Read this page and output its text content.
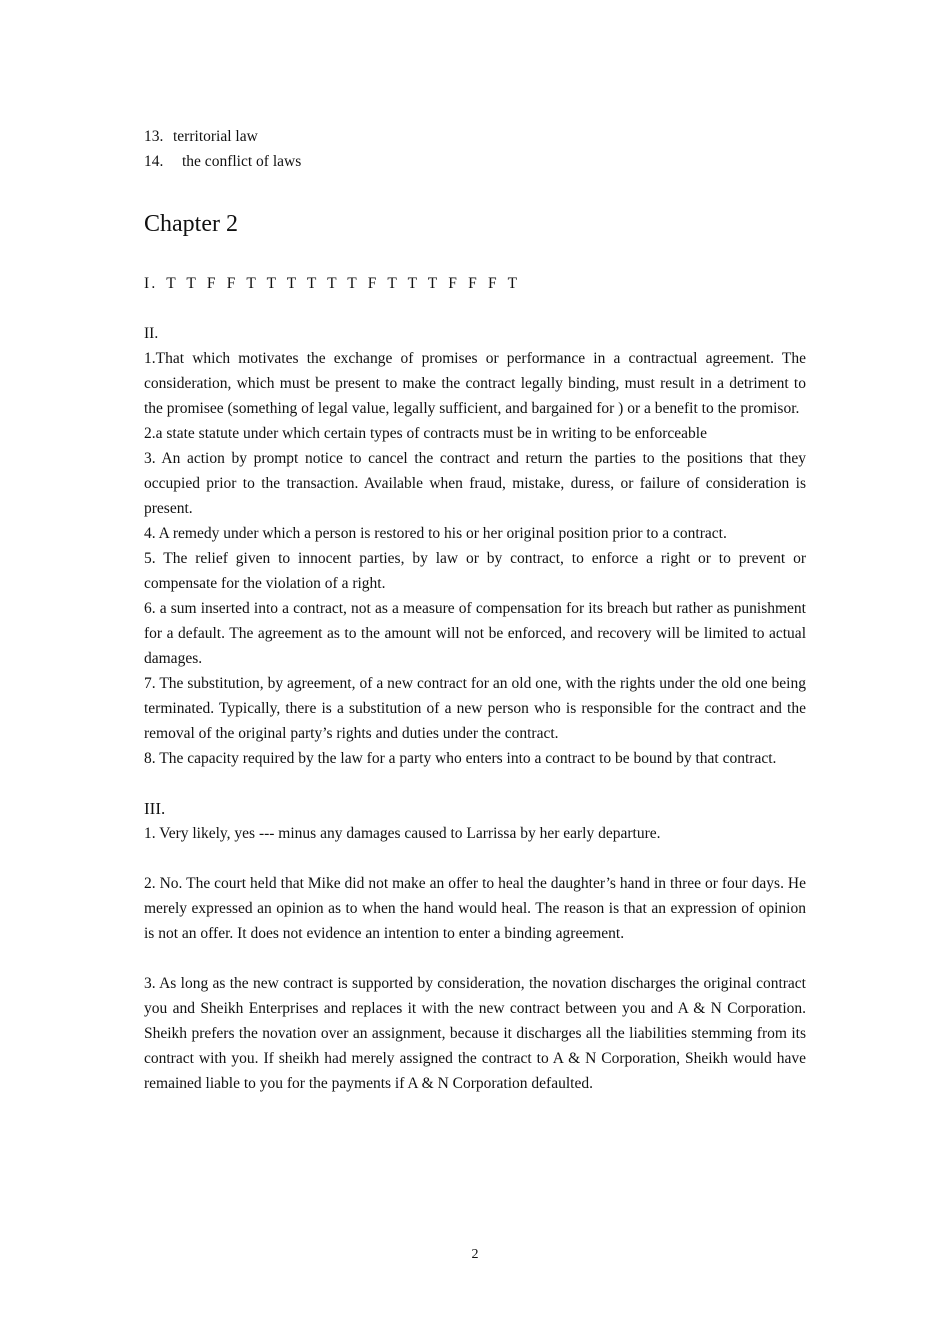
13. territorial law
14.	the conflict of laws
Chapter 2
I. T T F F T T T T T T F T T T F F F T
II.

1.That which motivates the exchange of promises or performance in a contractual agreement. The consideration, which must be present to make the contract legally binding, must result in a detriment to the promisee (something of legal value, legally sufficient, and bargained for ) or a benefit to the promisor.

2.a state statute under which certain types of contracts must be in writing to be enforceable

3. An action by prompt notice to cancel the contract and return the parties to the positions that they occupied prior to the transaction. Available when fraud, mistake, duress, or failure of consideration is present.

4. A remedy under which a person is restored to his or her original position prior to a contract.

5. The relief given to innocent parties, by law or by contract, to enforce a right or to prevent or compensate for the violation of a right.

6. a sum inserted into a contract, not as a measure of compensation for its breach but rather as punishment for a default. The agreement as to the amount will not be enforced, and recovery will be limited to actual damages.

7. The substitution, by agreement, of a new contract for an old one, with the rights under the old one being terminated. Typically, there is a substitution of a new person who is responsible for the contract and the removal of the original party’s rights and duties under the contract.

8. The capacity required by the law for a party who enters into a contract to be bound by that contract.

III.

1. Very likely, yes --- minus any damages caused to Larrissa by her early departure.

2. No. The court held that Mike did not make an offer to heal the daughter’s hand in three or four days. He merely expressed an opinion as to when the hand would heal. The reason is that an expression of opinion is not an offer. It does not evidence an intention to enter a binding agreement.

3. As long as the new contract is supported by consideration, the novation discharges the original contract you and Sheikh Enterprises and replaces it with the new contract between you and A & N Corporation. Sheikh prefers the novation over an assignment, because it discharges all the liabilities stemming from its contract with you. If sheikh had merely assigned the contract to A & N Corporation, Sheikh would have remained liable to you for the payments if A & N Corporation defaulted.

2
